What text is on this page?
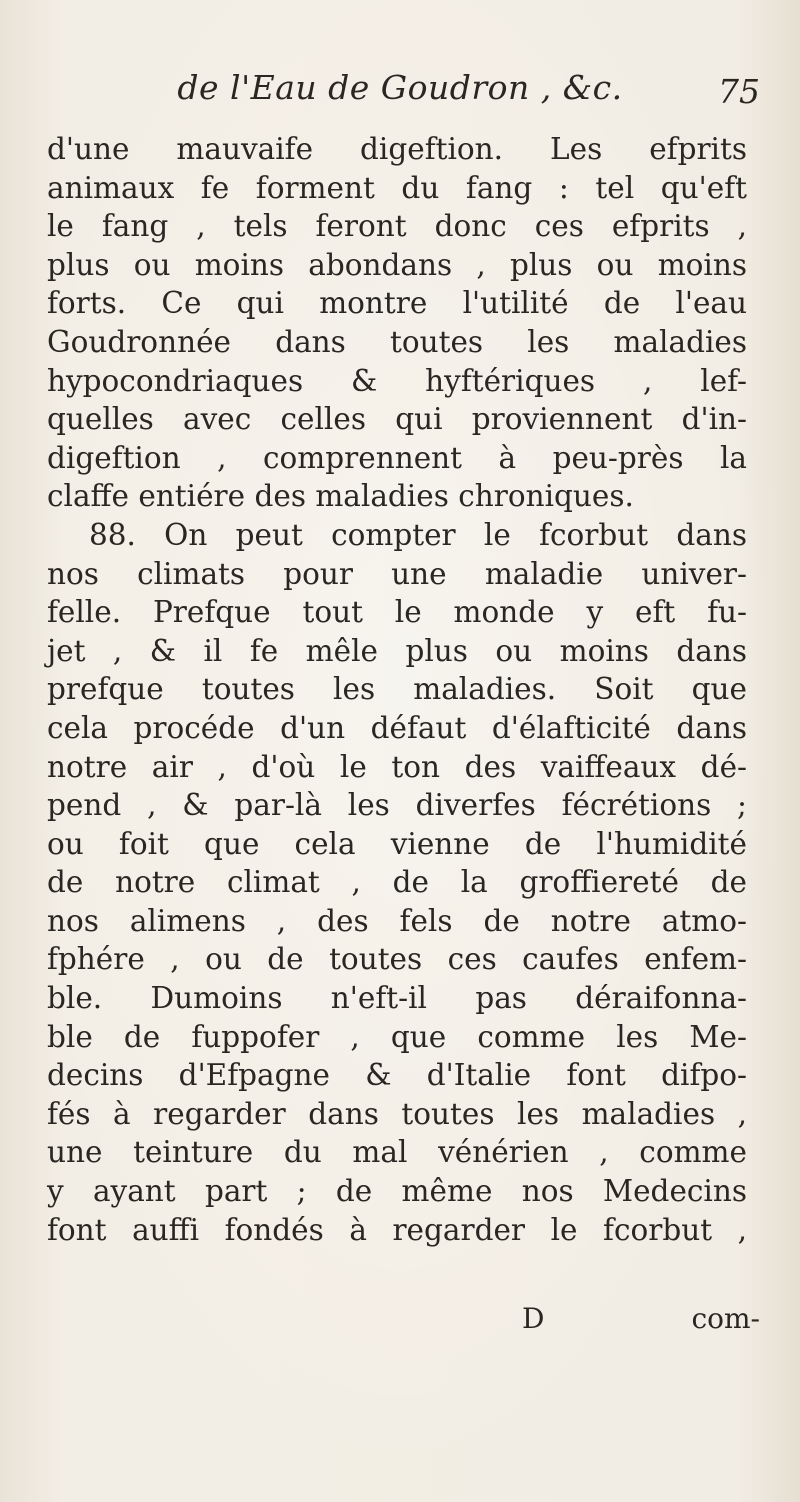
de l'Eau de Goudron , &c.	75
d'une mauvaife digeftion. Les efprits
animaux fe forment du fang : tel qu'eft
le fang , tels feront donc ces efprits ,
plus ou moins abondans , plus ou moins
forts. Ce qui montre l'utilité de l'eau
Goudronnée dans toutes les maladies
hypocondriaques & hyftériques , lef-
quelles avec celles qui proviennent d'in-
digeftion , comprennent à peu-près la
claffe entiére des maladies chroniques.
88. On peut compter le fcorbut dans
nos climats pour une maladie univer-
felle. Prefque tout le monde y eft fu-
jet , & il fe mêle plus ou moins dans
prefque toutes les maladies. Soit que
cela procéde d'un défaut d'élafticité dans
notre air , d'où le ton des vaiffeaux dé-
pend , & par-là les diverfes fécrétions ;
ou foit que cela vienne de l'humidité
de notre climat , de la groffiereté de
nos alimens , des fels de notre atmo-
fphére , ou de toutes ces caufes enfem-
ble. Dumoins n'eft-il pas déraifonna-
ble de fuppofer , que comme les Me-
decins d'Efpagne & d'Italie font difpo-
fés à regarder dans toutes les maladies ,
une teinture du mal vénérien , comme
y ayant part ; de même nos Medecins
font auffi fondés à regarder le fcorbut ,
D	com-
